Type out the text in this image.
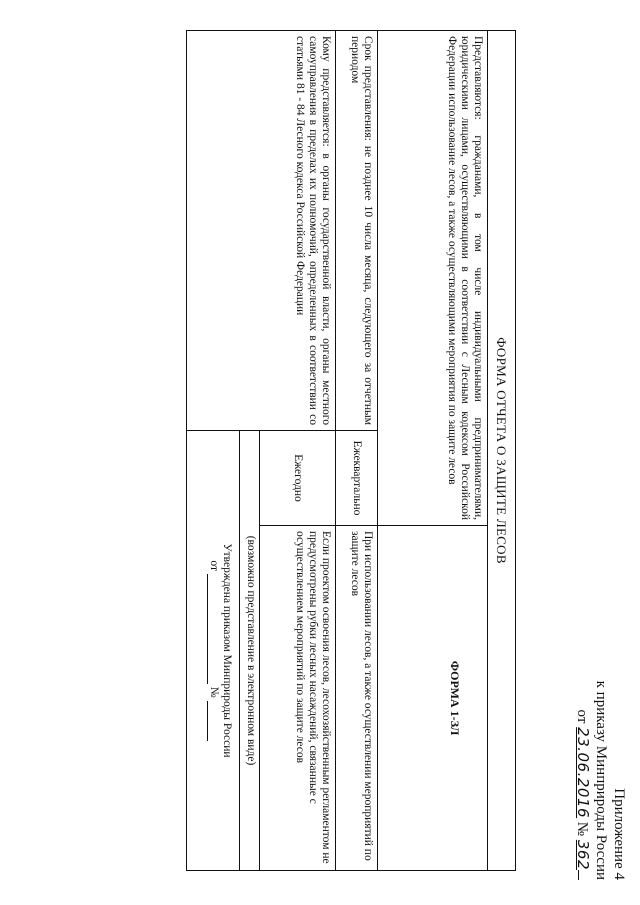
Приложение 4
к приказу Минприроды России
от 23.06.2016 № 362
ФОРМА ОТЧЕТА О ЗАЩИТЕ ЛЕСОВ		
Представляются: гражданами, в том числе индивидуальными предпринимателями, юридическими лицами, осуществляющими в соответствии с Лесным кодексом Российской Федерации использование лесов, а также осуществляющими мероприятия по защите лесов		ФОРМА 1-ЗЛ
Срок представления: не позднее 10 числа месяца, следующего за отчетным периодом	Ежеквартально	При использовании лесов, а также осуществлении мероприятий по защите лесов
Кому представляется: в органы государственной власти, органы местного самоуправления в пределах их полномочий, определенных в соответствии со статьями 81 - 84 Лесного кодекса Российской Федерации	Ежегодно	Если проектом освоения лесов, лесохозяйственным регламентом не предусмотрены рубки лесных насаждений, связанные с осуществлением мероприятий по защите лесов
	(возможно представление в электронном виде)	

	Утверждена приказом Минприроды России
от  №	
